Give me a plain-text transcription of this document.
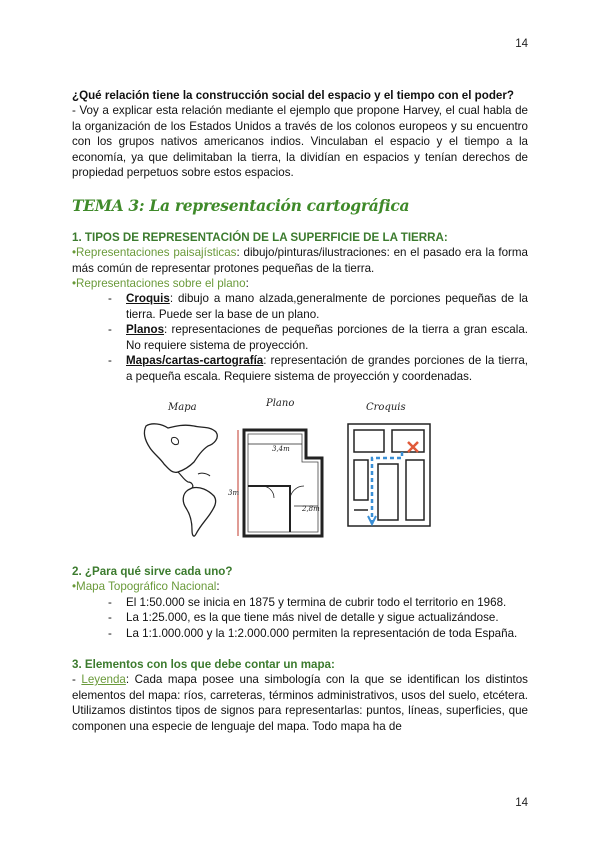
14
¿Qué relación tiene la construcción social del espacio y el tiempo con el poder?
- Voy a explicar esta relación mediante el ejemplo que propone Harvey, el cual habla de la organización de los Estados Unidos a través de los colonos europeos y su encuentro con los grupos nativos americanos indios. Vinculaban el espacio y el tiempo a la economía, ya que delimitaban la tierra, la dividían en espacios y tenían derechos de propiedad perpetuos sobre estos espacios.
TEMA 3: La representación cartográfica
1. TIPOS DE REPRESENTACIÓN DE LA SUPERFICIE DE LA TIERRA:
•Representaciones paisajísticas: dibujo/pinturas/ilustraciones: en el pasado era la forma más común de representar protones pequeñas de la tierra.
•Representaciones sobre el plano:
- Croquis: dibujo a mano alzada,generalmente de porciones pequeñas de la tierra. Puede ser la base de un plano.
- Planos: representaciones de pequeñas porciones de la tierra a gran escala. No requiere sistema de proyección.
- Mapas/cartas-cartografía: representación de grandes porciones de la tierra, a pequeña escala. Requiere sistema de proyección y coordenadas.
Mapa	Plano	Croquis
3,4m
3m
2,8m
2. ¿Para qué sirve cada uno?
•Mapa Topográfico Nacional:
- El 1:50.000 se inicia en 1875 y termina de cubrir todo el territorio en 1968.
- La 1:25.000, es la que tiene más nivel de detalle y sigue actualizándose.
- La 1:1.000.000 y la 1:2.000.000 permiten la representación de toda España.
3. Elementos con los que debe contar un mapa:
- Leyenda: Cada mapa posee una simbología con la que se identifican los distintos elementos del mapa: ríos, carreteras, términos administrativos, usos del suelo, etcétera. Utilizamos distintos tipos de signos para representarlas: puntos, líneas, superficies, que componen una especie de lenguaje del mapa. Todo mapa ha de
14
